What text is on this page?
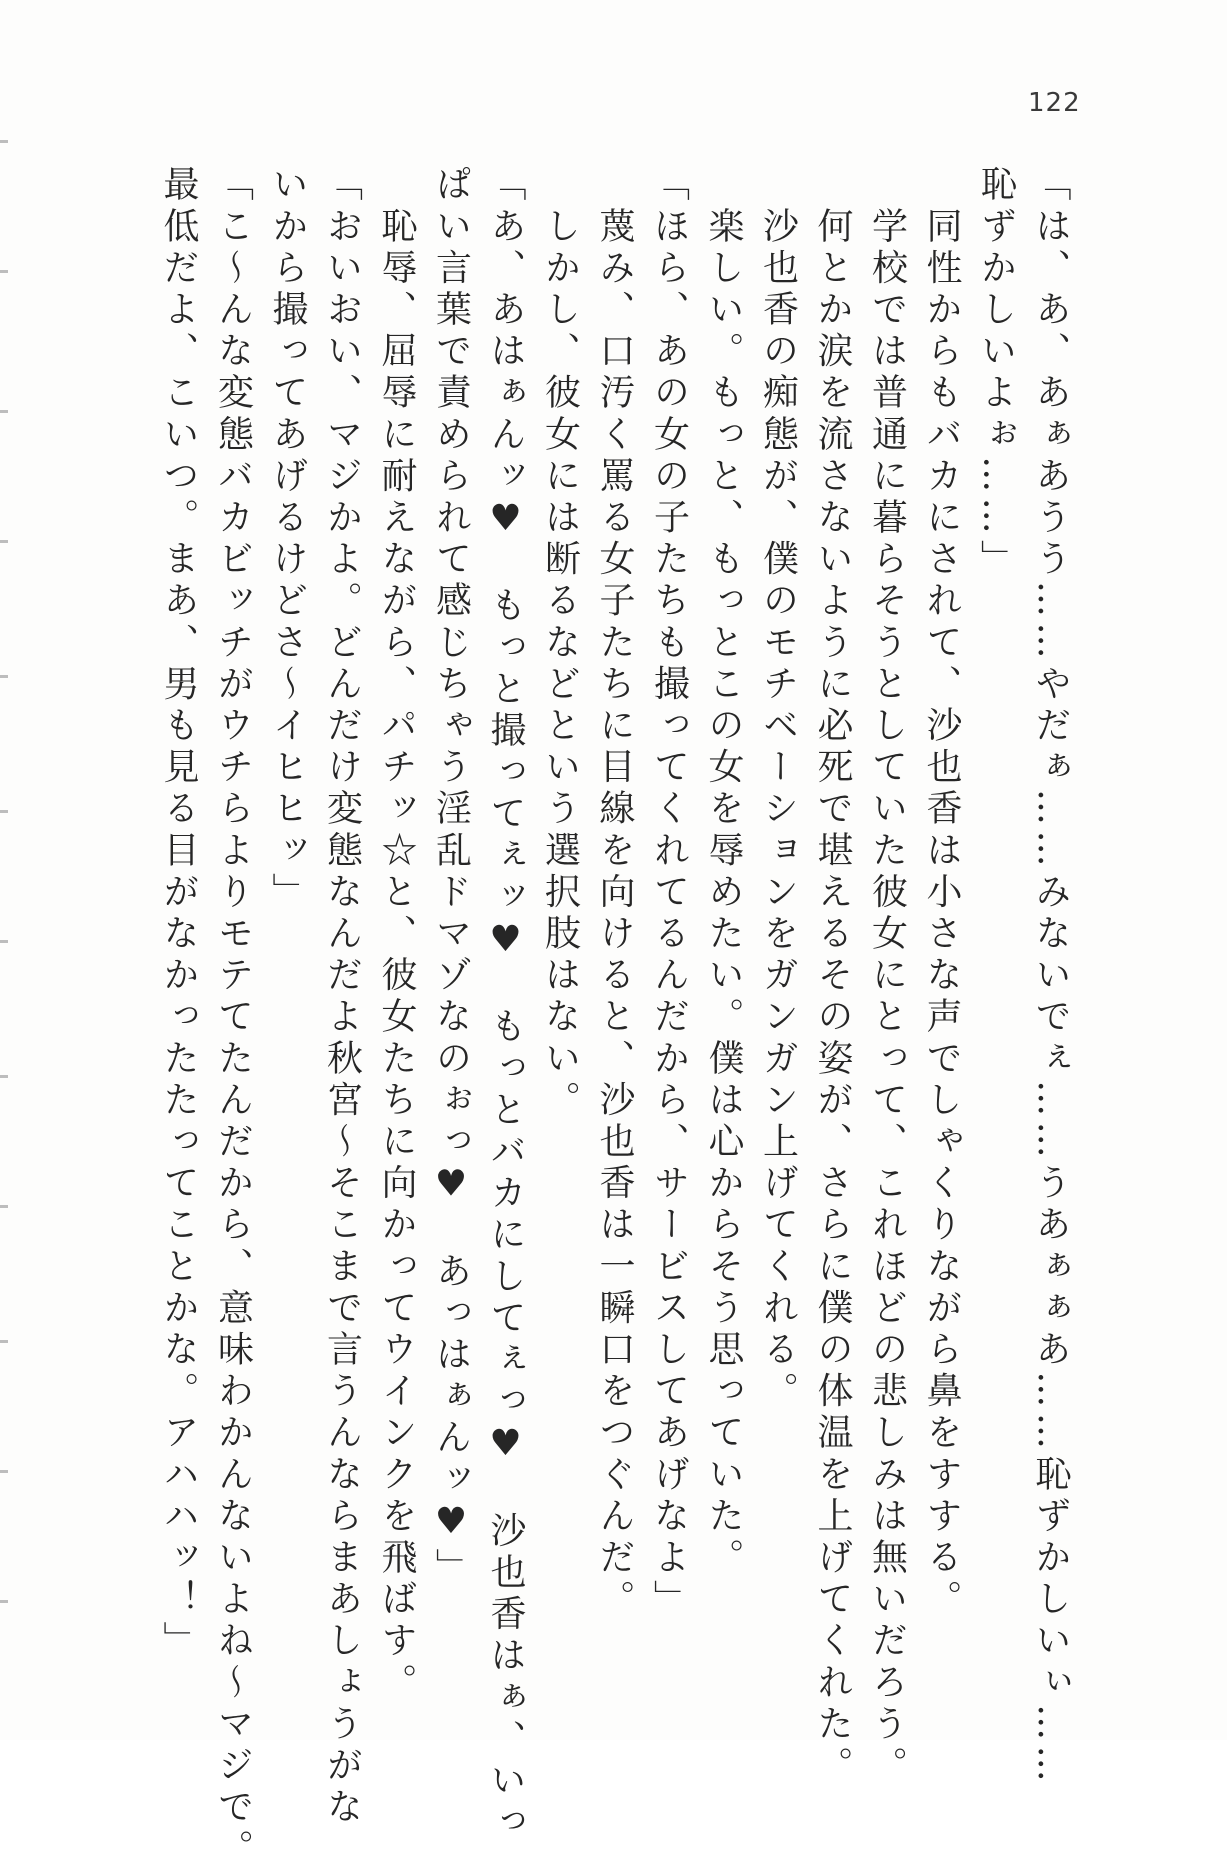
122
「は、あ、あぁあうう……やだぁ……みないでぇ……うあぁぁあ……恥ずかしいぃ……
恥ずかしいよぉ……」
　同性からもバカにされて、沙也香は小さな声でしゃくりながら鼻をすする。
　学校では普通に暮らそうとしていた彼女にとって、これほどの悲しみは無いだろう。
　何とか涙を流さないように必死で堪えるその姿が、さらに僕の体温を上げてくれた。
　沙也香の痴態が、僕のモチベーションをガンガン上げてくれる。
　楽しい。もっと、もっとこの女を辱めたい。僕は心からそう思っていた。
「ほら、あの女の子たちも撮ってくれてるんだから、サービスしてあげなよ」
　蔑み、口汚く罵る女子たちに目線を向けると、沙也香は一瞬口をつぐんだ。
　しかし、彼女には断るなどという選択肢はない。
「あ、あはぁんッ♥　もっと撮ってぇッ♥　もっとバカにしてぇっ♥　沙也香はぁ、いっ
ぱい言葉で責められて感じちゃう淫乱ドマゾなのぉっ♥　あっはぁんッ♥」
　恥辱、屈辱に耐えながら、パチッ☆と、彼女たちに向かってウインクを飛ばす。
「おいおい、マジかよ。どんだけ変態なんだよ秋宮～そこまで言うんならまあしょうがな
いから撮ってあげるけどさ～イヒヒッ」
「こ～んな変態バカビッチがウチらよりモテてたんだから、意味わかんないよね～マジで。
最低だよ、こいつ。まあ、男も見る目がなかったたってことかな。アハハッ！」
